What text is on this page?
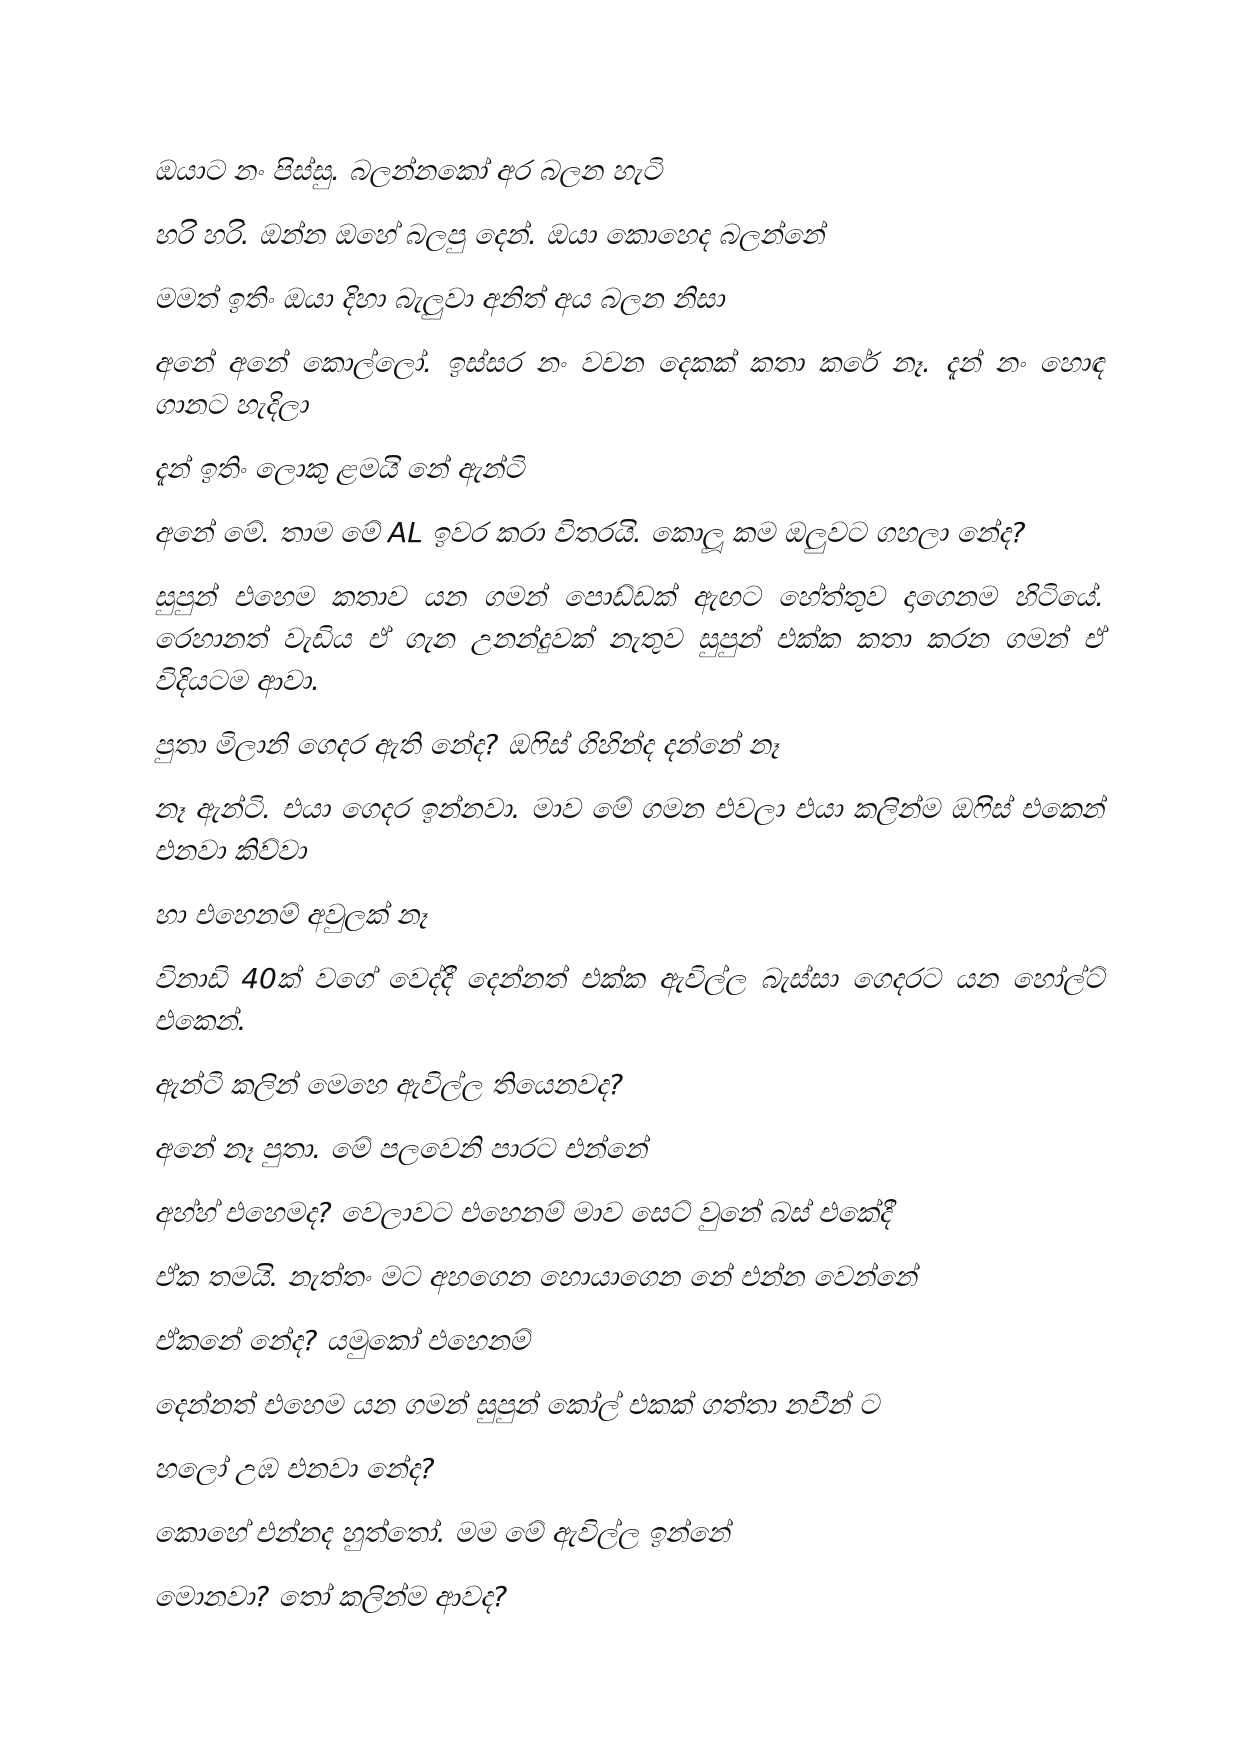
ඔයාට නං පිස්සු. බලන්නකෝ අර බලන හැටි

හරි හරි. ඔන්න ඔහේ බලපු දෙන්. ඔයා කොහෙද බලන්නේ

මමත් ඉතිං ඔයා දිහා බැලුවා අනිත් අය බලන නිසා

අනේ අනේ කොල්ලෝ. ඉස්සර නං වචන දෙකක් කතා කරේ නෑ. දැන් නං හොඳ ගානට හැදිලා

දැන් ඉතිං ලොකු ළමයි නේ ඇන්ටි

අනේ මේ. තාම මේ AL ඉවර කරා විතරයි. කොලූ කම ඔලුවට ගහලා නේද?

සුපුන් එහෙම කතාව යන ගමන් පොඩ්ඩක් ඇඟට හේත්තුව දාගෙනම හිටියේ. රෙහානත් වැඩිය ඒ ගැන උනන්දුවක් නැතුව සුපුන් එක්ක කතා කරන ගමන් ඒ විදියටම ආවා.

පුතා මිලානි ගෙදර ඇති නේද? ඔෆිස් ගිහින්ද දන්නේ නෑ

නෑ ඇන්ටි. එයා ගෙදර ඉන්නවා. මාව මේ ගමන එවලා එයා කලින්ම ඔෆිස් එකෙන් එනවා කිව්වා

හා එහෙනම් අවුලක් නෑ

විනාඩි 40ක් වගේ වෙද්දී දෙන්නත් එක්ක ඇවිල්ල බැස්සා ගෙදරට යන හෝල්ට් එකෙන්.

ඇන්ටි කලින් මෙහෙ ඇවිල්ල තියෙනවද?

අනේ නෑ පුතා. මේ පලවෙනි පාරට එන්නේ

අහ්හ් එහෙමද? වෙලාවට එහෙනම් මාව සෙට් වුනේ බස් එකේදී

ඒක තමයි. නැත්තං මට අහගෙන හොයාගෙන නේ එන්න වෙන්නේ

ඒකනේ නේද? යමුකෝ එහෙනම්

දෙන්නත් එහෙම යන ගමන් සුපුන් කෝල් එකක් ගත්තා නවීන් ට

හලෝ උඹ එනවා නේද?

කොහේ එන්නද හුත්තෝ. මම මේ ඇවිල්ල ඉන්නේ

මොනවා? තෝ කලින්ම ආවද?
